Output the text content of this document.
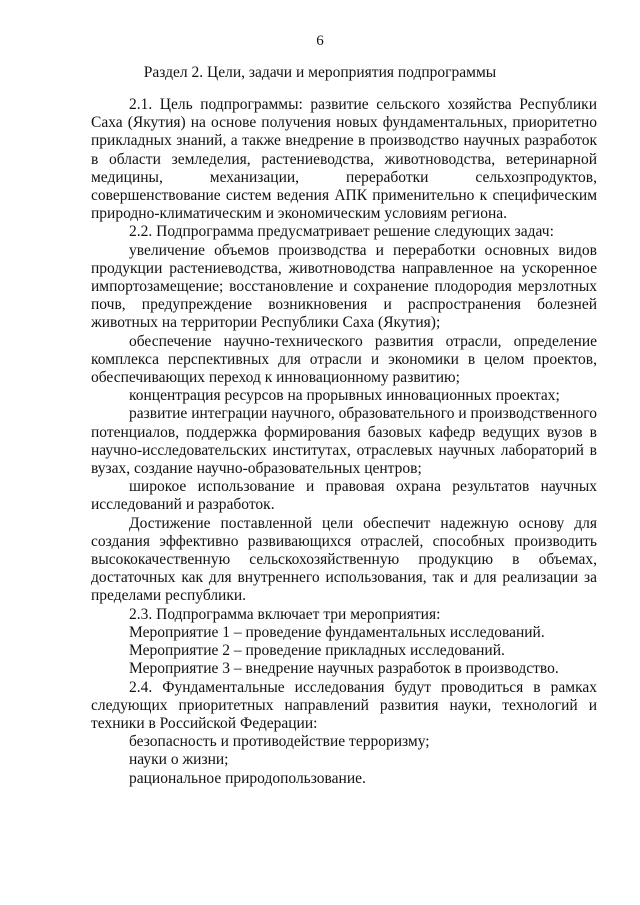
6
Раздел 2. Цели, задачи и мероприятия подпрограммы

2.1. Цель подпрограммы: развитие сельского хозяйства Республики Саха (Якутия) на основе получения новых фундаментальных, приоритетно прикладных знаний, а также внедрение в производство научных разработок в области земледелия, растениеводства, животноводства, ветеринарной медицины, механизации, переработки сельхозпродуктов, совершенствование систем ведения АПК применительно к специфическим природно-климатическим и экономическим условиям региона.

2.2. Подпрограмма предусматривает решение следующих задач:

увеличение объемов производства и переработки основных видов продукции растениеводства, животноводства направленное на ускоренное импортозамещение; восстановление и сохранение плодородия мерзлотных почв, предупреждение возникновения и распространения болезней животных на территории Республики Саха (Якутия);

обеспечение научно-технического развития отрасли, определение комплекса перспективных для отрасли и экономики в целом проектов, обеспечивающих переход к инновационному развитию;

концентрация ресурсов на прорывных инновационных проектах;

развитие интеграции научного, образовательного и производственного потенциалов, поддержка формирования базовых кафедр ведущих вузов в научно-исследовательских институтах, отраслевых научных лабораторий в вузах, создание научно-образовательных центров;

широкое использование и правовая охрана результатов научных исследований и разработок.

Достижение поставленной цели обеспечит надежную основу для создания эффективно развивающихся отраслей, способных производить высококачественную сельскохозяйственную продукцию в объемах, достаточных как для внутреннего использования, так и для реализации за пределами республики.

2.3. Подпрограмма включает три мероприятия:

Мероприятие 1 – проведение фундаментальных исследований.

Мероприятие 2 – проведение прикладных исследований.

Мероприятие 3 – внедрение научных разработок в производство.

2.4. Фундаментальные исследования будут проводиться в рамках следующих приоритетных направлений развития науки, технологий и техники в Российской Федерации:

безопасность и противодействие терроризму;

науки о жизни;

рациональное природопользование.
